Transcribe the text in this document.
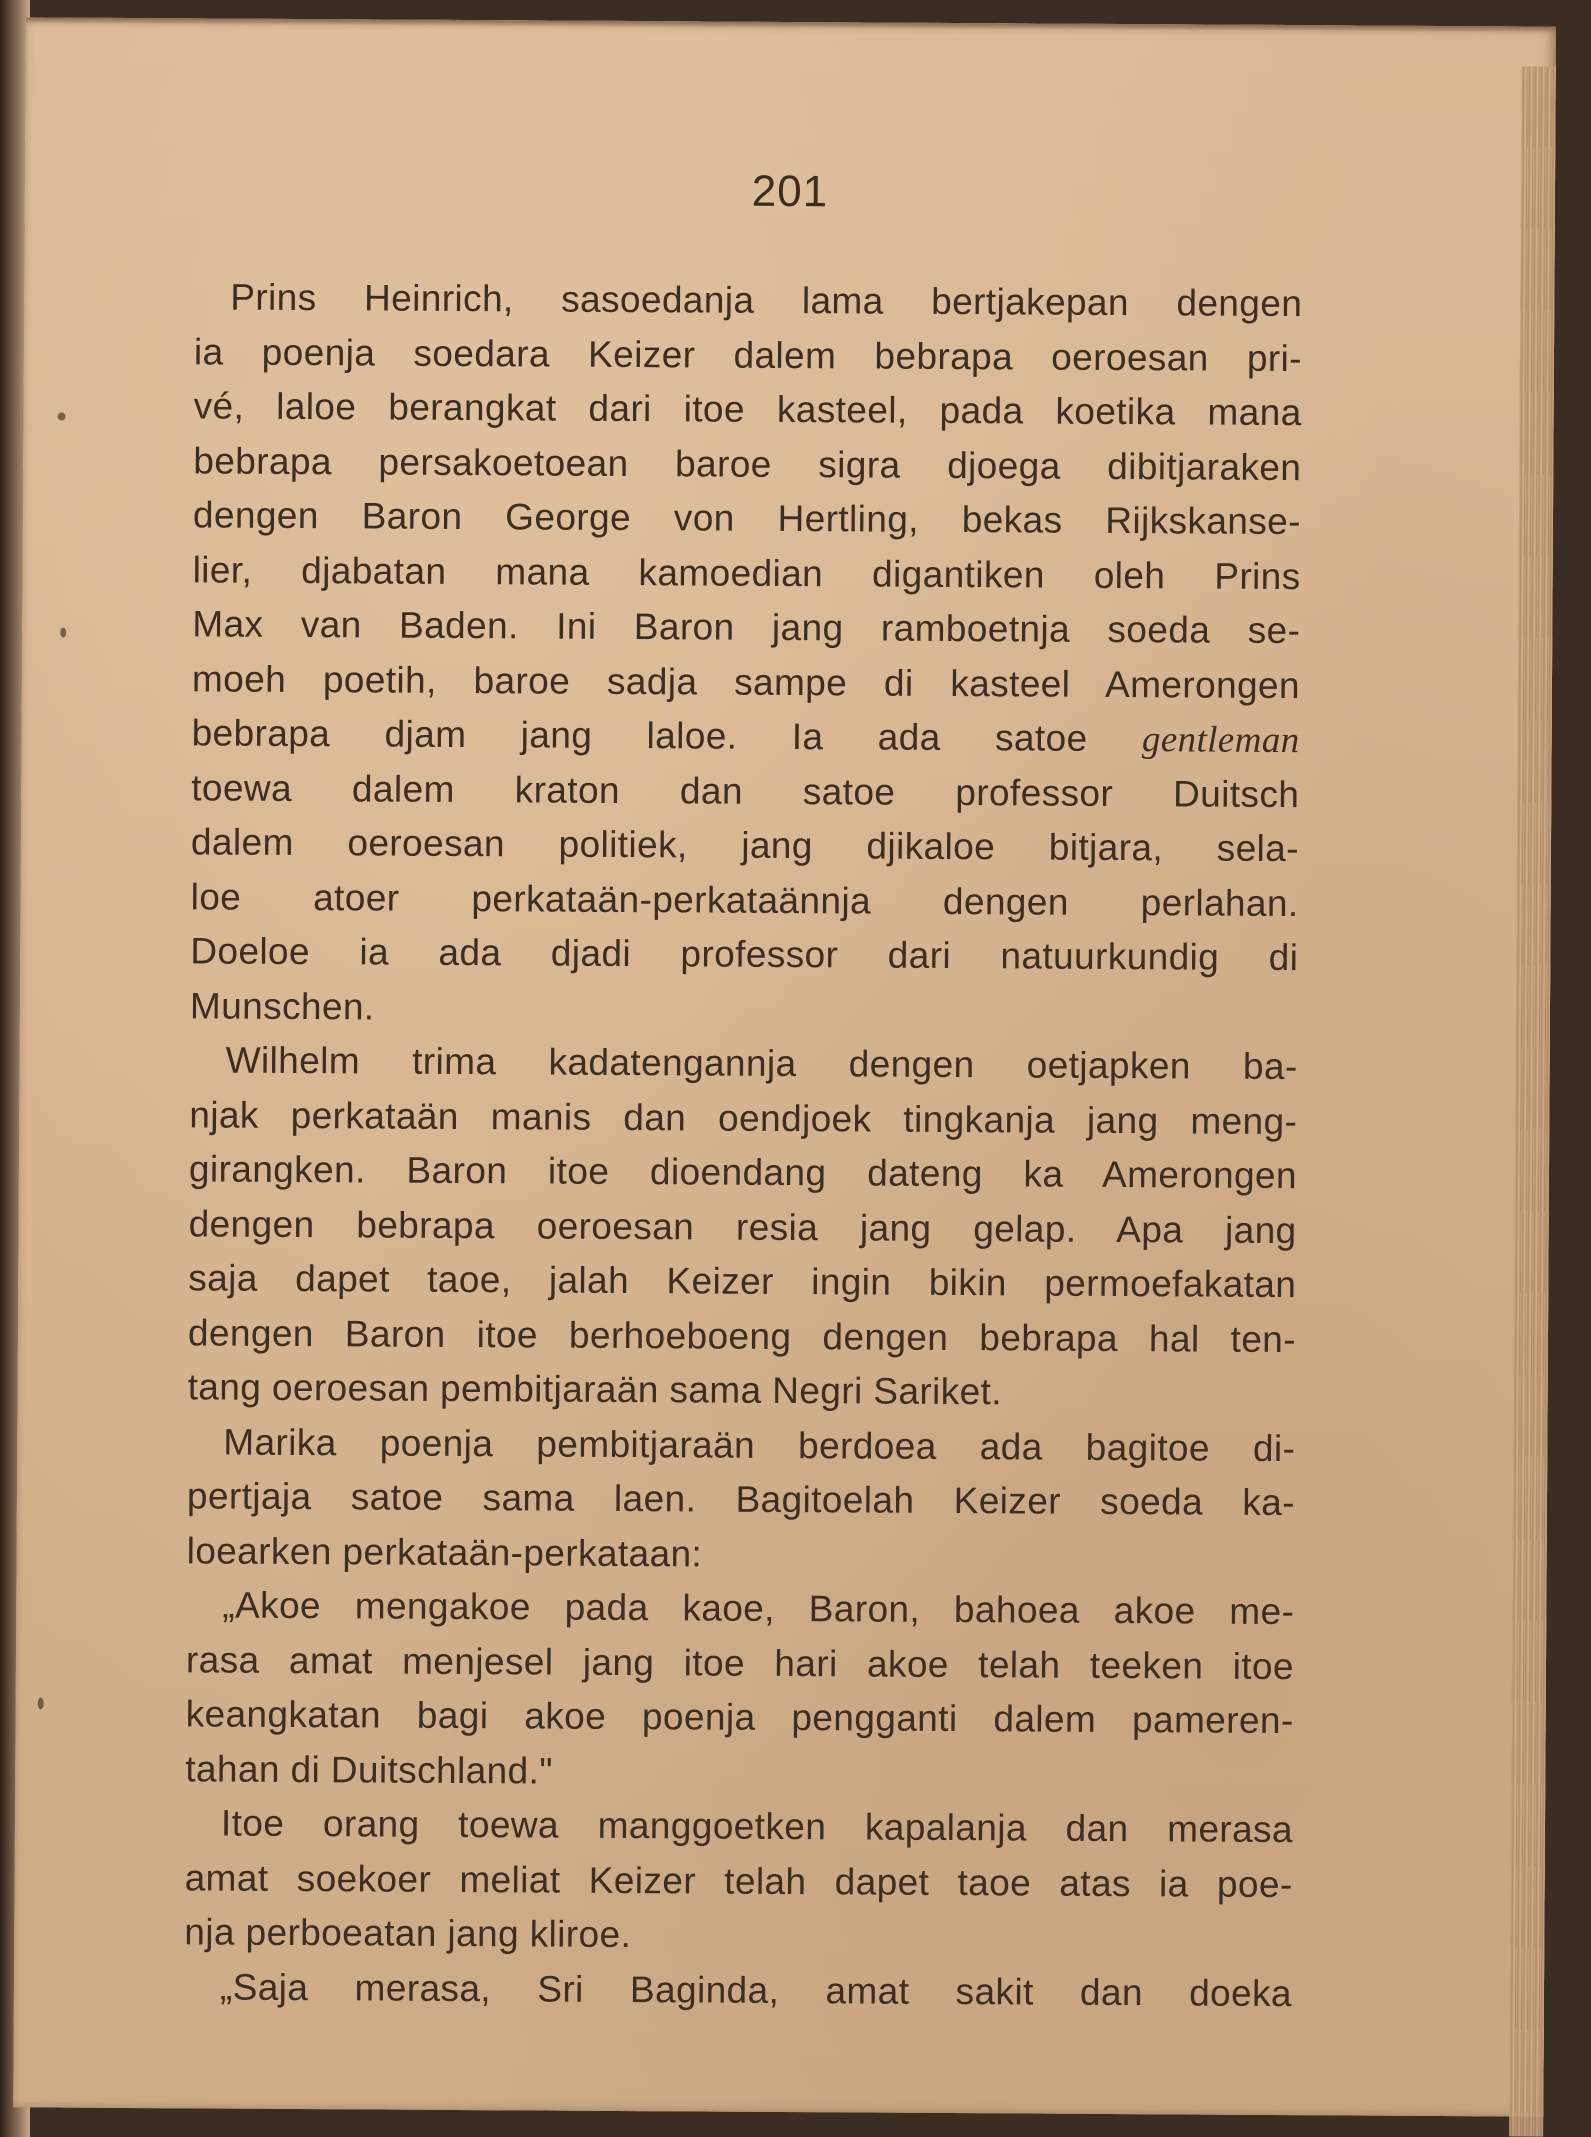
201
Prins Heinrich, sasoedanja lama bertjakepan dengen
ia poenja soedara Keizer dalem bebrapa oeroesan pri-
vé, laloe berangkat dari itoe kasteel, pada koetika mana
bebrapa persakoetoean baroe sigra djoega dibitjaraken
dengen Baron George von Hertling, bekas Rijkskanse-
lier, djabatan mana kamoedian digantiken oleh Prins
Max van Baden. Ini Baron jang ramboetnja soeda se-
moeh poetih, baroe sadja sampe di kasteel Amerongen
bebrapa djam jang laloe. Ia ada satoe gentleman
toewa dalem kraton dan satoe professor Duitsch
dalem oeroesan politiek, jang djikaloe bitjara, sela-
loe atoer perkataän-perkataännja dengen perlahan.
Doeloe ia ada djadi professor dari natuurkundig di
Munschen.
Wilhelm trima kadatengannja dengen oetjapken ba-
njak perkataän manis dan oendjoek tingkanja jang meng-
girangken. Baron itoe dioendang dateng ka Amerongen
dengen bebrapa oeroesan resia jang gelap. Apa jang
saja dapet taoe, jalah Keizer ingin bikin permoefakatan
dengen Baron itoe berhoeboeng dengen bebrapa hal ten-
tang oeroesan pembitjaraän sama Negri Sariket.
Marika poenja pembitjaraän berdoea ada bagitoe di-
pertjaja satoe sama laen. Bagitoelah Keizer soeda ka-
loearken perkataän-perkataan:
„Akoe mengakoe pada kaoe, Baron, bahoea akoe me-
rasa amat menjesel jang itoe hari akoe telah teeken itoe
keangkatan bagi akoe poenja pengganti dalem pameren-
tahan di Duitschland."
Itoe orang toewa manggoetken kapalanja dan merasa
amat soekoer meliat Keizer telah dapet taoe atas ia poe-
nja perboeatan jang kliroe.
„Saja merasa, Sri Baginda, amat sakit dan doeka
